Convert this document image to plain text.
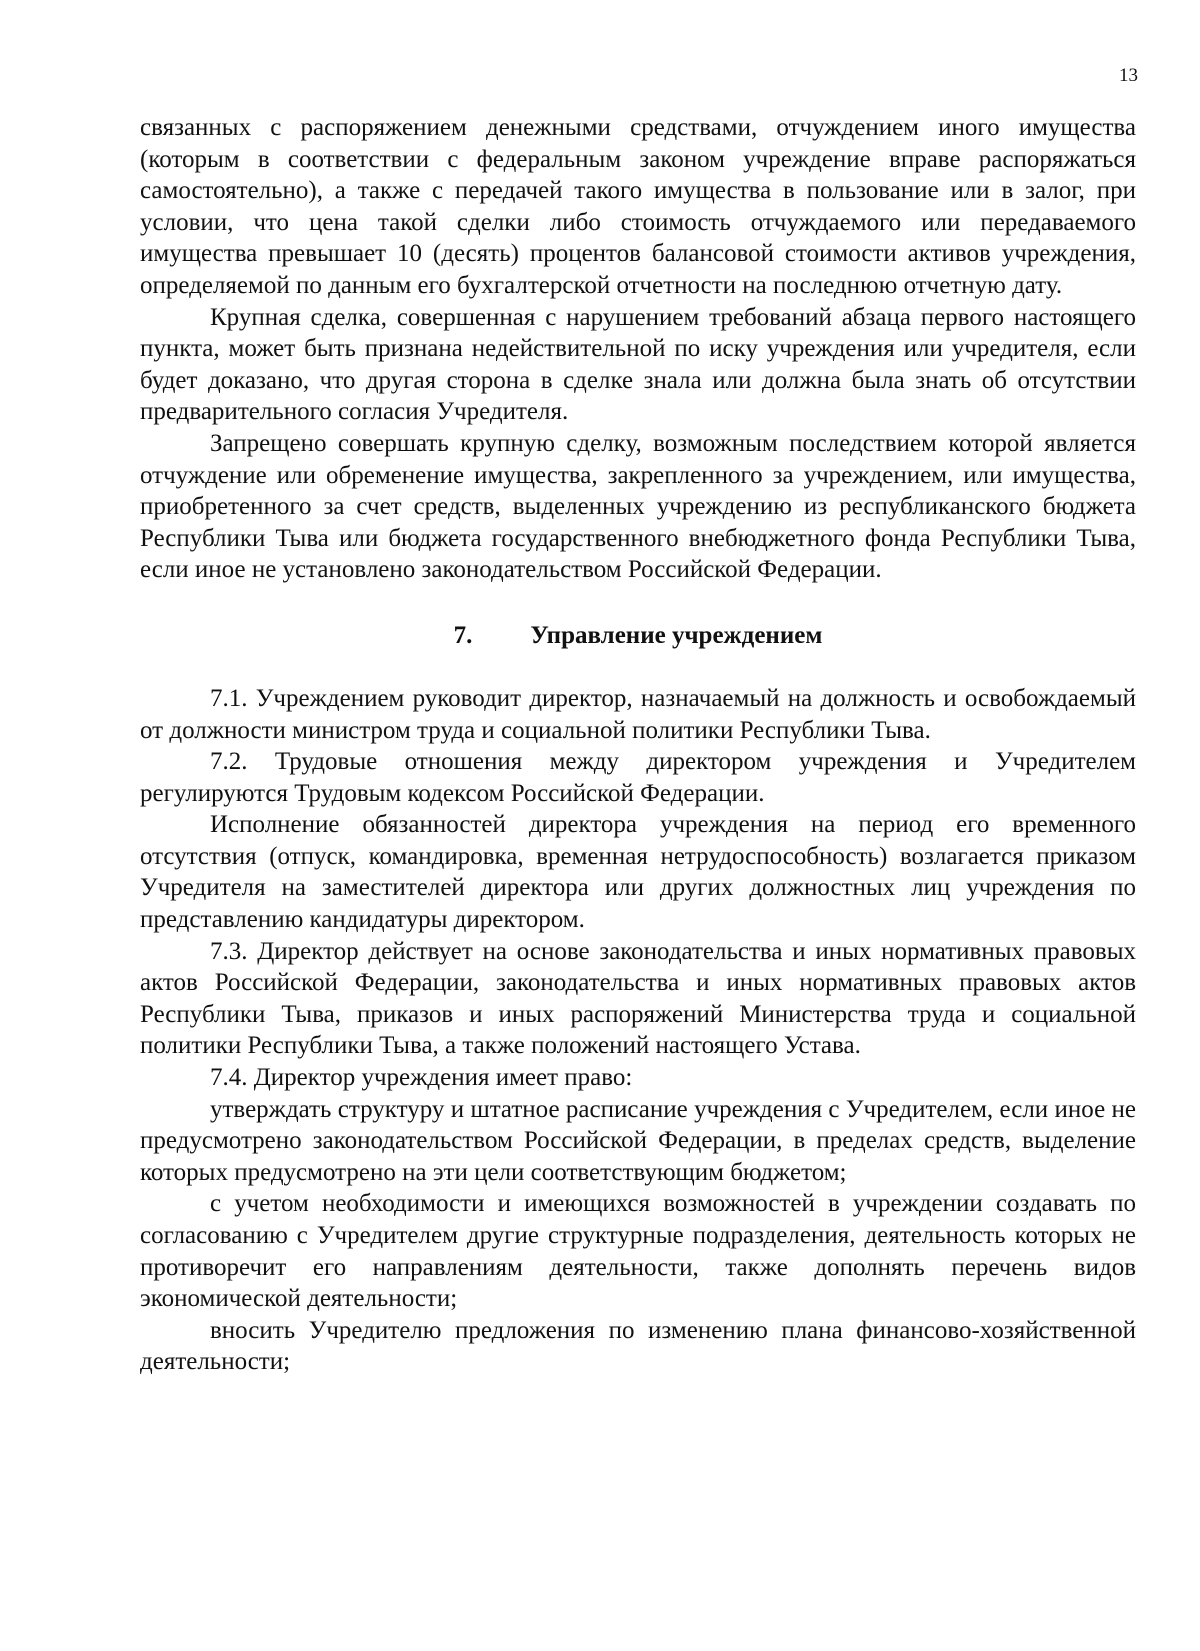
13

связанных с распоряжением денежными средствами, отчуждением иного имущества (которым в соответствии с федеральным законом учреждение вправе распоряжаться самостоятельно), а также с передачей такого имущества в пользование или в залог, при условии, что цена такой сделки либо стоимость отчуждаемого или передаваемого имущества превышает 10 (десять) процентов балансовой стоимости активов учреждения, определяемой по данным его бухгалтерской отчетности на последнюю отчетную дату.

Крупная сделка, совершенная с нарушением требований абзаца первого настоящего пункта, может быть признана недействительной по иску учреждения или учредителя, если будет доказано, что другая сторона в сделке знала или должна была знать об отсутствии предварительного согласия Учредителя.

Запрещено совершать крупную сделку, возможным последствием которой является отчуждение или обременение имущества, закрепленного за учреждением, или имущества, приобретенного за счет средств, выделенных учреждению из республиканского бюджета Республики Тыва или бюджета государственного внебюджетного фонда Республики Тыва, если иное не установлено законодательством Российской Федерации.

7. Управление учреждением

7.1. Учреждением руководит директор, назначаемый на должность и освобождаемый от должности министром труда и социальной политики Республики Тыва.

7.2. Трудовые отношения между директором учреждения и Учредителем регулируются Трудовым кодексом Российской Федерации.

Исполнение обязанностей директора учреждения на период его временного отсутствия (отпуск, командировка, временная нетрудоспособность) возлагается приказом Учредителя на заместителей директора или других должностных лиц учреждения по представлению кандидатуры директором.

7.3. Директор действует на основе законодательства и иных нормативных правовых актов Российской Федерации, законодательства и иных нормативных правовых актов Республики Тыва, приказов и иных распоряжений Министерства труда и социальной политики Республики Тыва, а также положений настоящего Устава.

7.4. Директор учреждения имеет право:

утверждать структуру и штатное расписание учреждения с Учредителем, если иное не предусмотрено законодательством Российской Федерации, в пределах средств, выделение которых предусмотрено на эти цели соответствующим бюджетом;

с учетом необходимости и имеющихся возможностей в учреждении создавать по согласованию с Учредителем другие структурные подразделения, деятельность которых не противоречит его направлениям деятельности, также дополнять перечень видов экономической деятельности;

вносить Учредителю предложения по изменению плана финансово-хозяйственной деятельности;
